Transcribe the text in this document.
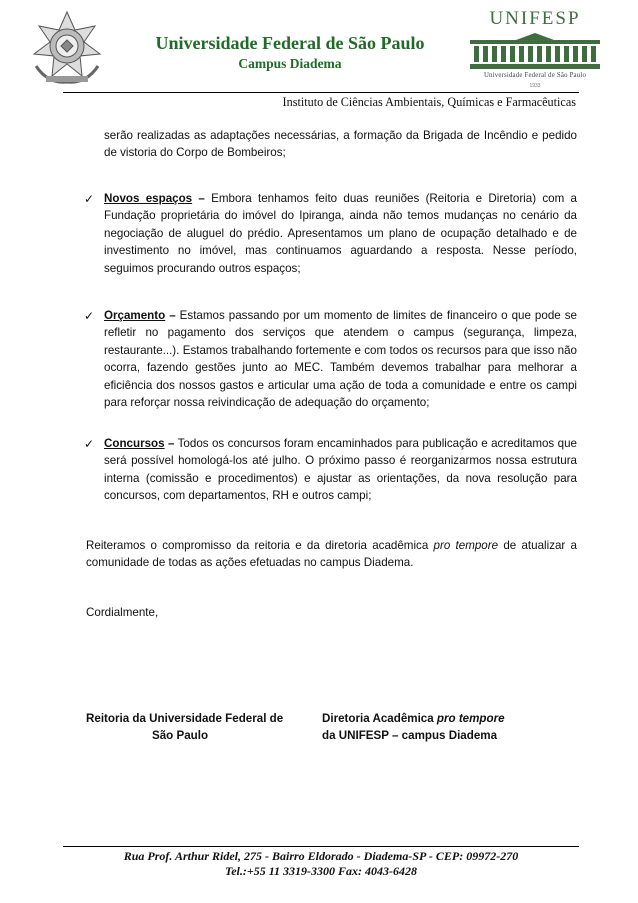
Universidade Federal de São Paulo
Campus Diadema
UNIFESP
Universidade Federal de São Paulo
1933
Instituto de Ciências Ambientais, Químicas e Farmacêuticas

serão realizadas as adaptações necessárias, a formação da Brigada de Incêndio e pedido de vistoria do Corpo de Bombeiros;

✓ Novos espaços – Embora tenhamos feito duas reuniões (Reitoria e Diretoria) com a Fundação proprietária do imóvel do Ipiranga, ainda não temos mudanças no cenário da negociação de aluguel do prédio. Apresentamos um plano de ocupação detalhado e de investimento no imóvel, mas continuamos aguardando a resposta. Nesse período, seguimos procurando outros espaços;

✓ Orçamento – Estamos passando por um momento de limites de financeiro o que pode se refletir no pagamento dos serviços que atendem o campus (segurança, limpeza, restaurante...). Estamos trabalhando fortemente e com todos os recursos para que isso não ocorra, fazendo gestões junto ao MEC. Também devemos trabalhar para melhorar a eficiência dos nossos gastos e articular uma ação de toda a comunidade e entre os campi para reforçar nossa reivindicação de adequação do orçamento;

✓ Concursos – Todos os concursos foram encaminhados para publicação e acreditamos que será possível homologá-los até julho. O próximo passo é reorganizarmos nossa estrutura interna (comissão e procedimentos) e ajustar as orientações, da nova resolução para concursos, com departamentos, RH e outros campi;

Reiteramos o compromisso da reitoria e da diretoria acadêmica pro tempore de atualizar a comunidade de todas as ações efetuadas no campus Diadema.

Cordialmente,

Reitoria da Universidade Federal de
São Paulo
Diretoria Acadêmica pro tempore
da UNIFESP – campus Diadema
Rua Prof. Arthur Ridel, 275 - Bairro Eldorado - Diadema-SP - CEP: 09972-270
Tel.:+55 11 3319-3300 Fax: 4043-6428
